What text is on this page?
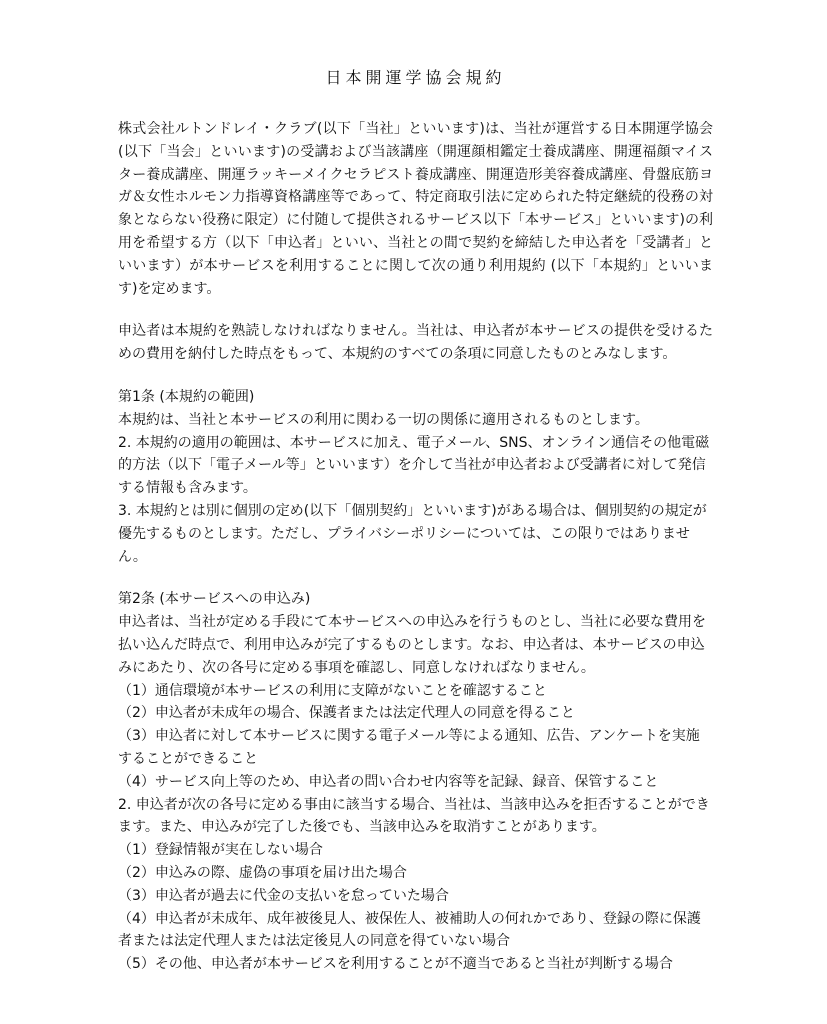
日本開運学協会規約

株式会社ルトンドレイ・クラブ(以下「当社」といいます)は、当社が運営する日本開運学協会(以下「当会」といいます)の受講および当該講座（開運顔相鑑定士養成講座、開運福顔マイスター養成講座、開運ラッキーメイクセラピスト養成講座、開運造形美容養成講座、骨盤底筋ヨガ＆女性ホルモン力指導資格講座等であって、特定商取引法に定められた特定継続的役務の対象とならない役務に限定）に付随して提供されるサービス以下「本サービス」といいます)の利用を希望する方（以下「申込者」といい、当社との間で契約を締結した申込者を「受講者」といいます）が本サービスを利用することに関して次の通り利用規約 (以下「本規約」といいます)を定めます。

申込者は本規約を熟読しなければなりません。当社は、申込者が本サービスの提供を受けるための費用を納付した時点をもって、本規約のすべての条項に同意したものとみなします。

第1条 (本規約の範囲)

本規約は、当社と本サービスの利用に関わる一切の関係に適用されるものとします。

2. 本規約の適用の範囲は、本サービスに加え、電子メール、SNS、オンライン通信その他電磁的方法（以下「電子メール等」といいます）を介して当社が申込者および受講者に対して発信する情報も含みます。

3. 本規約とは別に個別の定め(以下「個別契約」といいます)がある場合は、個別契約の規定が優先するものとします。ただし、プライバシーポリシーについては、この限りではありません。

第2条 (本サービスへの申込み)

申込者は、当社が定める手段にて本サービスへの申込みを行うものとし、当社に必要な費用を払い込んだ時点で、利用申込みが完了するものとします。なお、申込者は、本サービスの申込みにあたり、次の各号に定める事項を確認し、同意しなければなりません。

（1）通信環境が本サービスの利用に支障がないことを確認すること

（2）申込者が未成年の場合、保護者または法定代理人の同意を得ること

（3）申込者に対して本サービスに関する電子メール等による通知、広告、アンケートを実施することができること

（4）サービス向上等のため、申込者の問い合わせ内容等を記録、録音、保管すること

2. 申込者が次の各号に定める事由に該当する場合、当社は、当該申込みを拒否することができます。また、申込みが完了した後でも、当該申込みを取消すことがあります。

（1）登録情報が実在しない場合

（2）申込みの際、虚偽の事項を届け出た場合

（3）申込者が過去に代金の支払いを怠っていた場合

（4）申込者が未成年、成年被後見人、被保佐人、被補助人の何れかであり、登録の際に保護者または法定代理人または法定後見人の同意を得ていない場合

（5）その他、申込者が本サービスを利用することが不適当であると当社が判断する場合
